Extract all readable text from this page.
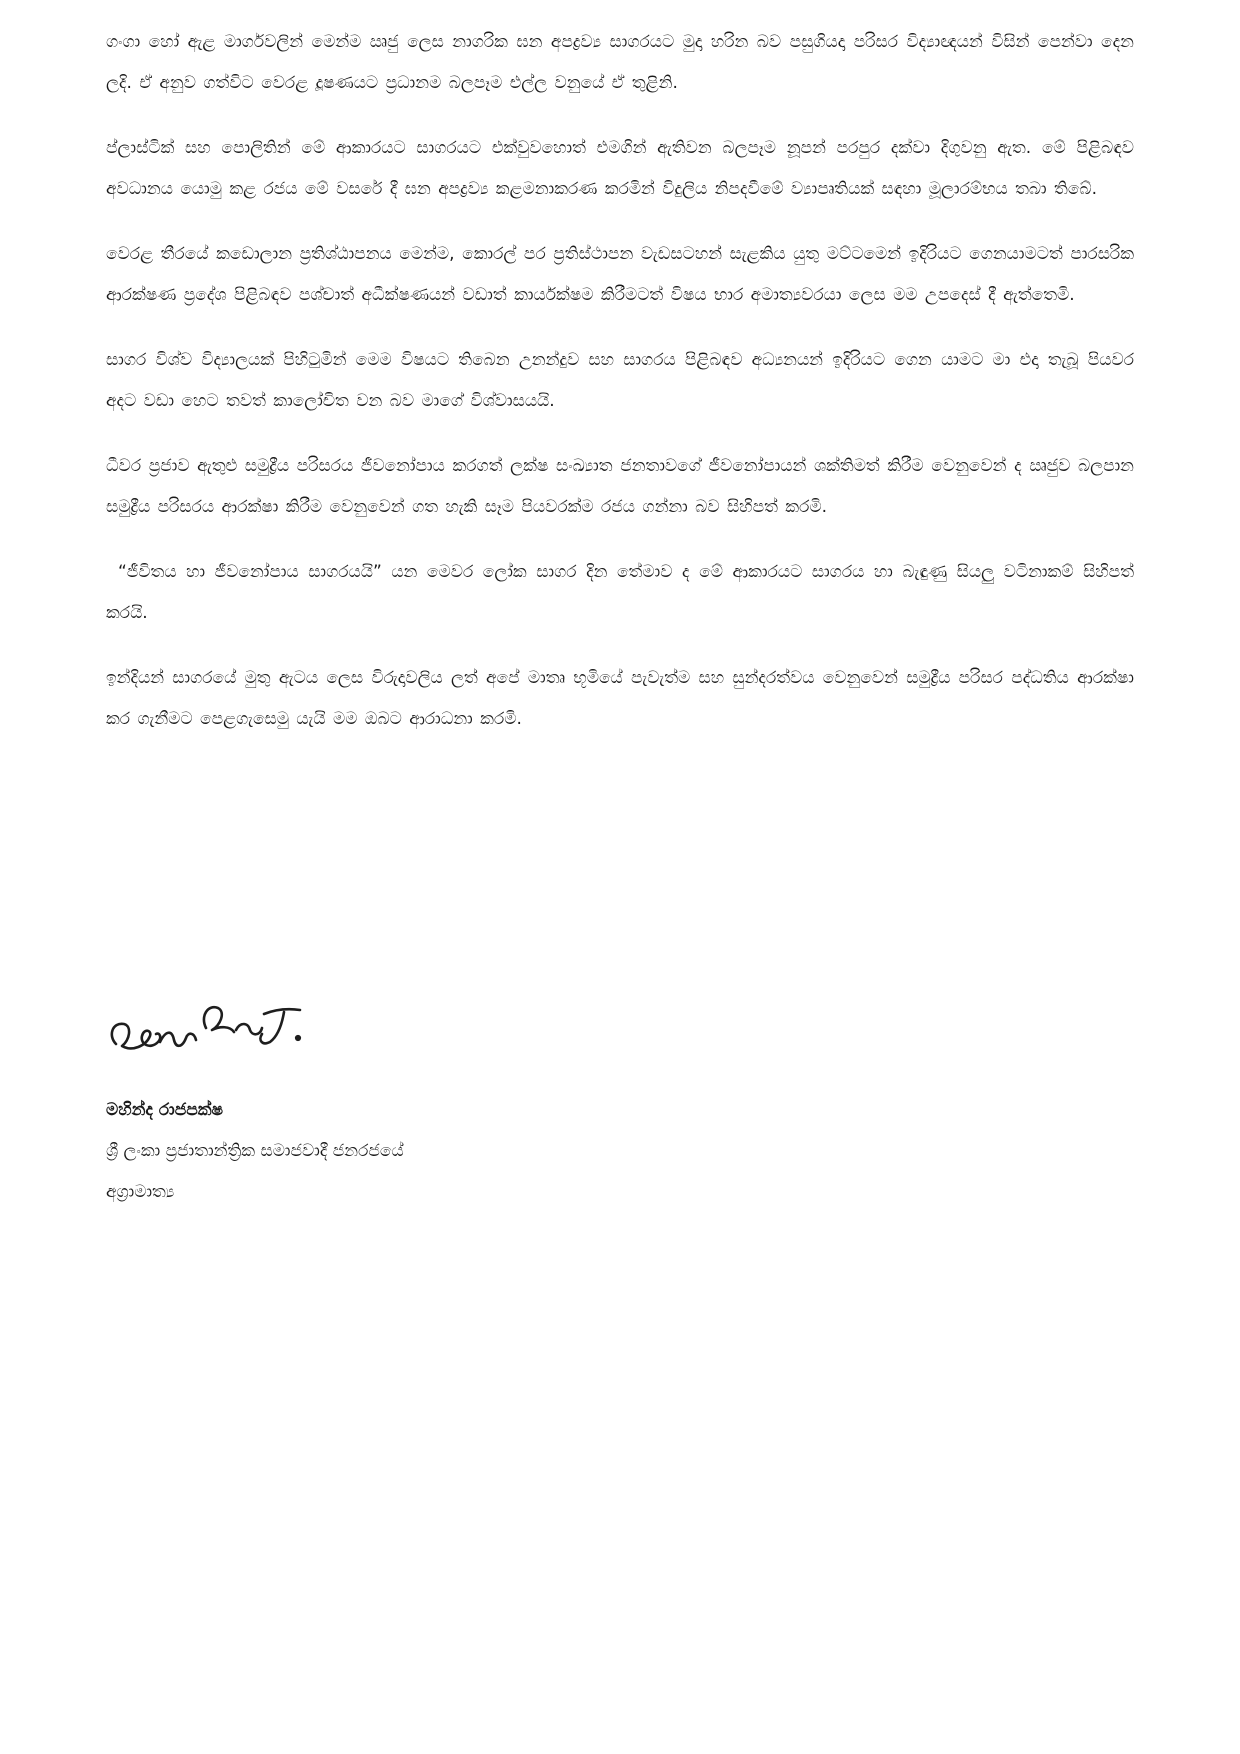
ගංගා හෝ ඇළ මාර්ගවලින් මෙන්ම ඍජු ලෙස නාගරික ඝන අපද්‍රව්‍ය සාගරයට මුදා හරින බව පසුගියදා පරිසර විද්‍යාඥයන් විසින් පෙන්වා දෙන ලදි. ඒ අනුව ගත්විට වෙරළ දූෂණයට ප්‍රධානම බලපෑම එල්ල වනුයේ ඒ තුළිනි.

ප්ලාස්ටික් සහ පොලිතින් මේ ආකාරයට සාගරයට එක්වුවහොත් එමගින් ඇතිවන බලපෑම නූපන් පරපුර දක්වා දිගුවනු ඇත. මේ පිළිබඳව අවධානය යොමු කළ රජය මේ වසරේ දී ඝන අපද්‍රව්‍ය කළමනාකරණ කරමින් විදුලිය නිපදවීමේ ව්‍යාපෘතියක් සඳහා මූලාරම්භය තබා තිබේ.

වෙරළ තීරයේ කඩොලාන ප්‍රතිශ්ඨාපනය මෙන්ම, කොරල් පර ප්‍රතිස්ථාපන වැඩසටහන් සැළකිය යුතු මට්ටමෙන් ඉදිරියට ගෙනයාමටත් පාරසරික ආරක්ෂණ ප්‍රදේශ පිළිබඳව පශ්චාත් අධීක්ෂණයන් වඩාත් කාර්යක්ෂම කිරීමටත් විෂය භාර අමාත්‍යවරයා ලෙස මම උපදෙස් දී ඇත්තෙමි.

සාගර විශ්ව විද්‍යාලයක් පිහිටුමින් මෙම විෂයට තිබෙන උනන්දුව සහ සාගරය පිළිබඳව අධ්‍යනයන් ඉදිරියට ගෙන යාමට මා එදා තැබූ පියවර අදට වඩා හෙට තවත් කාලෝචිත වන බව මාගේ විශ්වාසයයි.

ධීවර ප්‍රජාව ඇතුළු සමුද්‍රීය පරිසරය ජීවනෝපාය කරගත් ලක්ෂ සංඛ්‍යාත ජනතාවගේ ජීවනෝපායන් ශක්තිමත් කිරීම වෙනුවෙන් ද ඍජුව බලපාන සමුද්‍රීය පරිසරය ආරක්ෂා කිරීම වෙනුවෙන් ගත හැකි සෑම පියවරක්ම රජය ගන්නා බව සිහිපත් කරමි.

“ජීවිතය හා ජීවනෝපාය සාගරයයි” යන මෙවර ලෝක සාගර දින තේමාව ද මේ ආකාරයට සාගරය හා බැඳුණු සියලු වටිනාකම් සිහිපත් කරයි.

ඉන්දියන් සාගරයේ මුතු ඇටය ලෙස විරුදාවලිය ලත් අපේ මාතෘ භූමියේ පැවැත්ම සහ සුන්දරත්වය වෙනුවෙන් සමුද්‍රීය පරිසර පද්ධතිය ආරක්ෂා කර ගැනීමට පෙළගැසෙමු යැයි මම ඔබට ආරාධනා කරමි.

මහින්ද රාජපක්ෂ
ශ්‍රී ලංකා ප්‍රජාතාන්ත්‍රික සමාජවාදී ජනරජයේ
අග්‍රාමාත්‍ය
